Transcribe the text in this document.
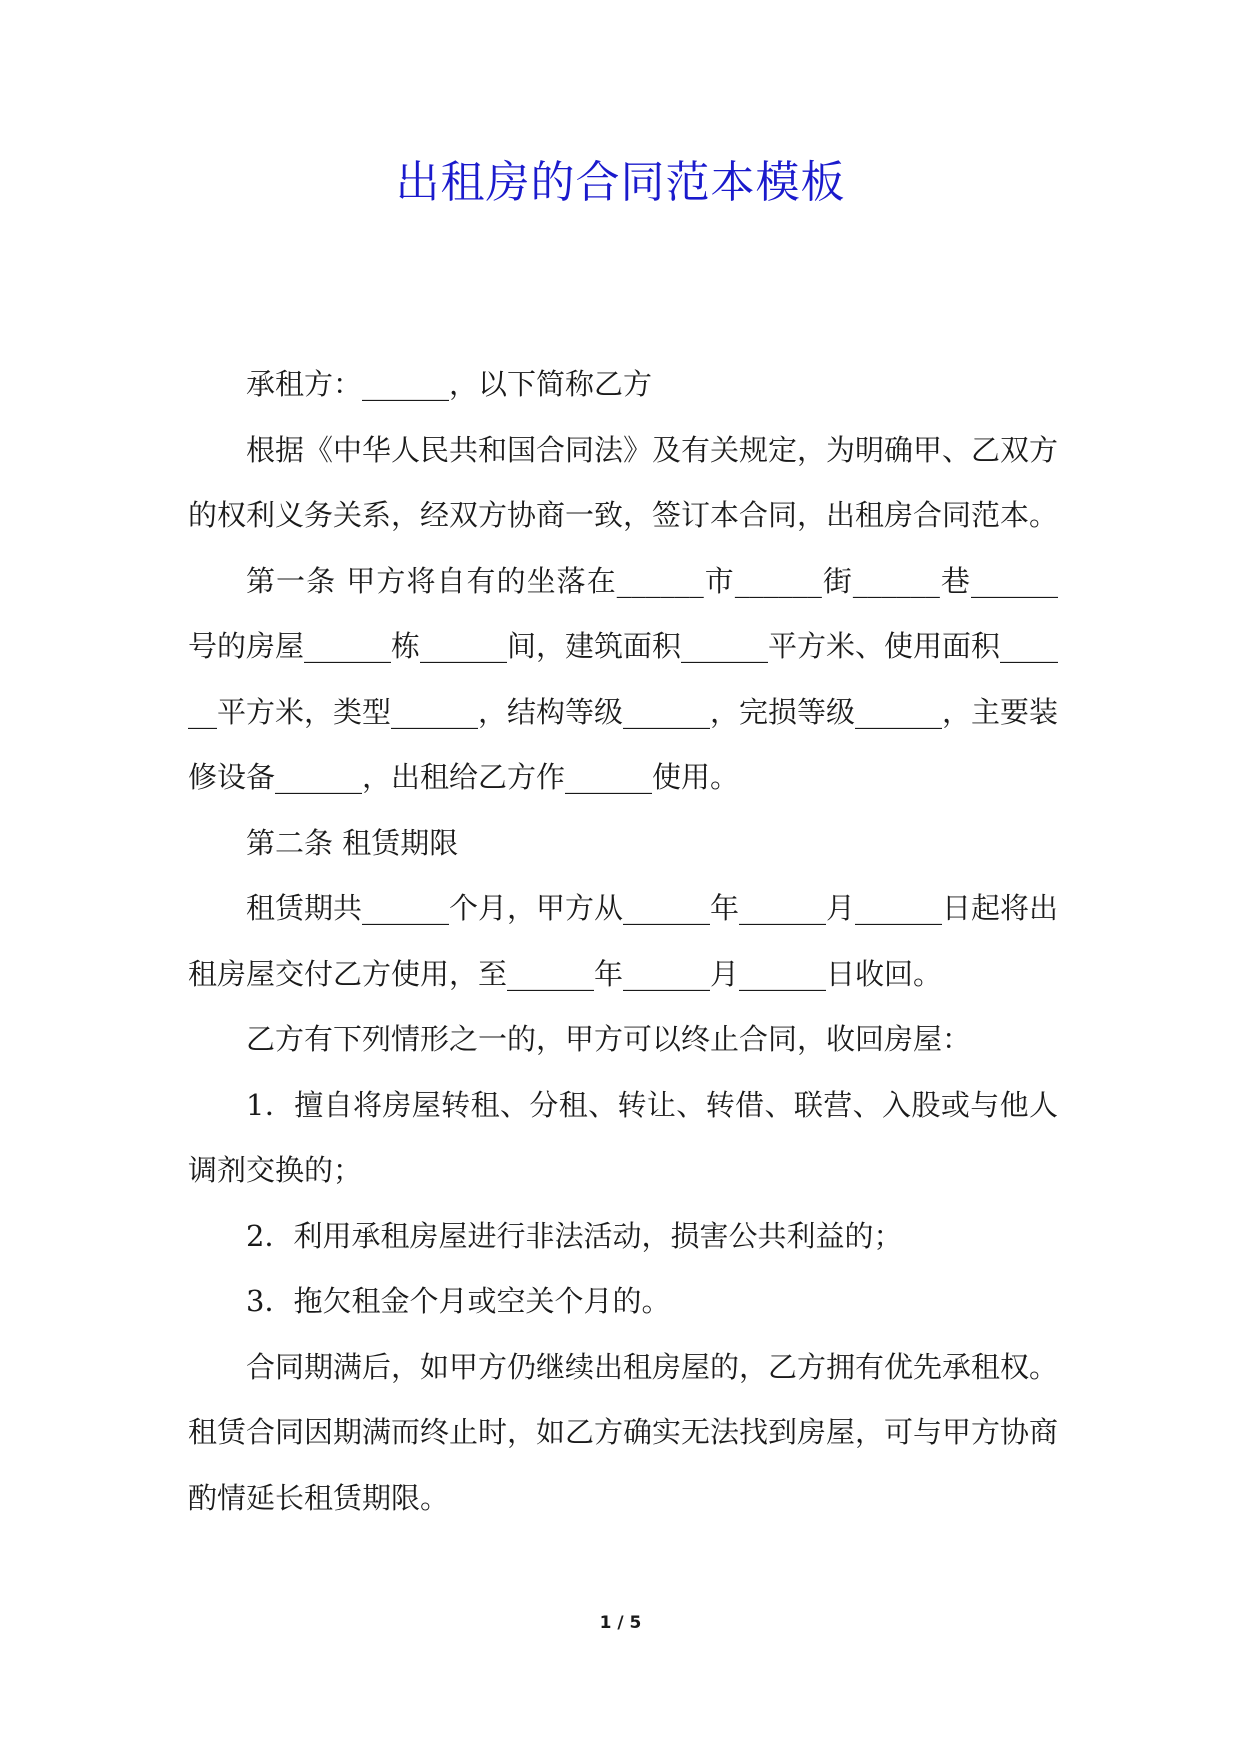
出租房的合同范本模板

承租方：______，以下简称乙方

根据《中华人民共和国合同法》及有关规定，为明确甲、乙双方的权利义务关系，经双方协商一致，签订本合同，出租房合同范本。

第一条 甲方将自有的坐落在______市______街______巷______号的房屋______栋______间，建筑面积______平方米、使用面积______平方米，类型______，结构等级______，完损等级______，主要装修设备______，出租给乙方作______使用。

第二条 租赁期限

租赁期共______个月，甲方从______年______月______日起将出租房屋交付乙方使用，至______年______月______日收回。

乙方有下列情形之一的，甲方可以终止合同，收回房屋：

1．擅自将房屋转租、分租、转让、转借、联营、入股或与他人调剂交换的；

2．利用承租房屋进行非法活动，损害公共利益的；

3．拖欠租金个月或空关个月的。

合同期满后，如甲方仍继续出租房屋的，乙方拥有优先承租权。租赁合同因期满而终止时，如乙方确实无法找到房屋，可与甲方协商酌情延长租赁期限。

1 / 5
